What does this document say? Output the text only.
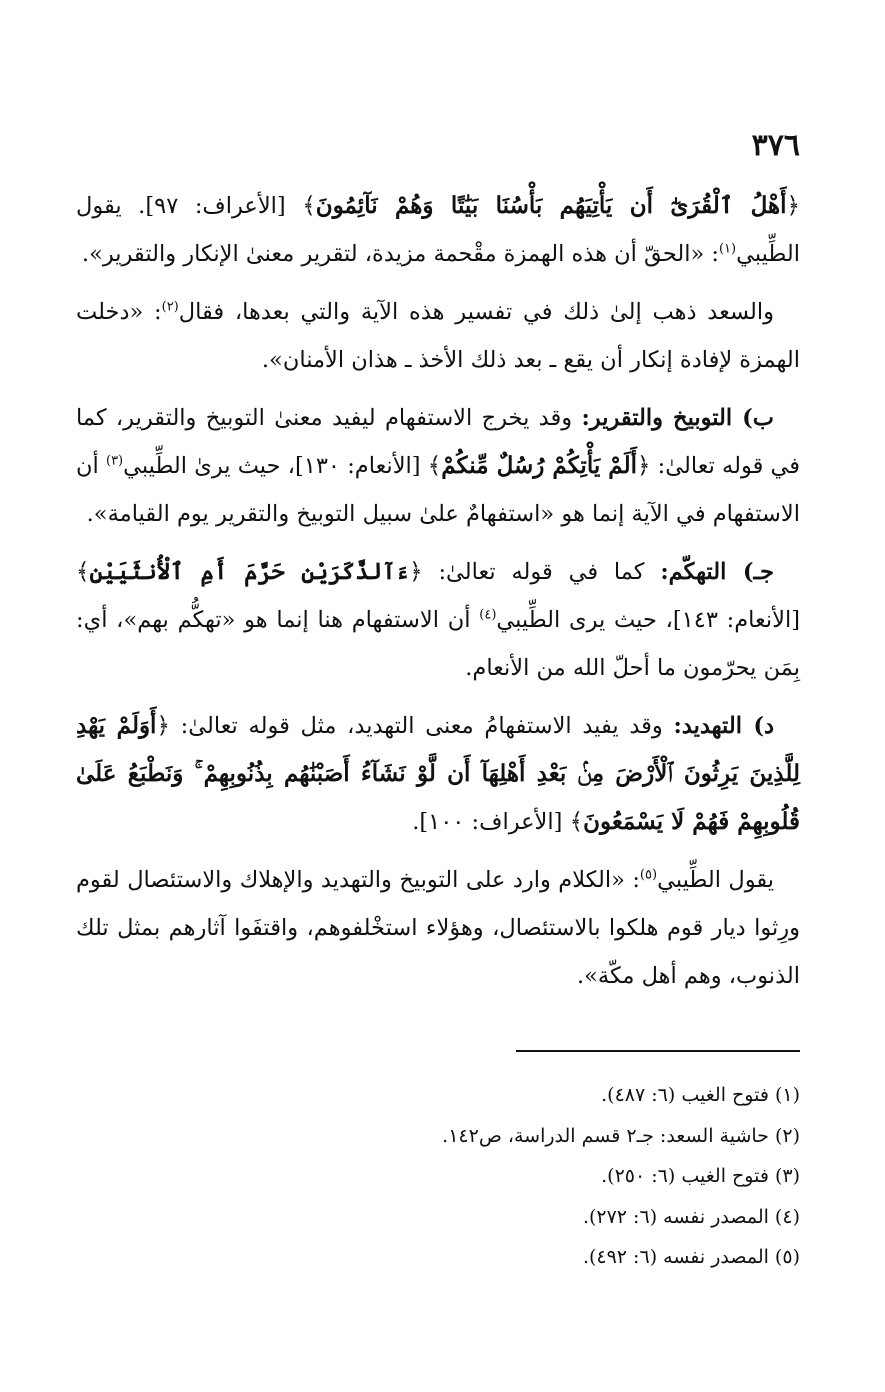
٣٧٦

﴿أَهْلُ ٱلْقُرَىٰٓ أَن يَأْتِيَهُم بَأْسُنَا بَيَٰتًا وَهُمْ نَآئِمُونَ﴾ [الأعراف: ٩٧]. يقول الطِّيبي$^{(١)}$: «الحقّ أن هذه الهمزة مقْحمة مزيدة، لتقرير معنىٰ الإنكار والتقرير».

والسعد ذهب إلىٰ ذلك في تفسير هذه الآية والتي بعدها، فقال$^{(٢)}$: «دخلت الهمزة لإفادة إنكار أن يقع ـ بعد ذلك الأخذ ـ هذان الأمنان».

ب) التوبيخ والتقرير: وقد يخرج الاستفهام ليفيد معنىٰ التوبيخ والتقرير، كما في قوله تعالىٰ: ﴿أَلَمْ يَأْتِكُمْ رُسُلٌ مِّنكُمْ﴾ [الأنعام: ١٣٠]، حيث يرىٰ الطِّيبي$^{(٣)}$ أن الاستفهام في الآية إنما هو «استفهامٌ علىٰ سبيل التوبيخ والتقرير يوم القيامة».

جـ) التهكّم: كما في قوله تعالىٰ: ﴿ءَآلذَّكَرَيْنِ حَرَّمَ أَمِ ٱلْأُنثَيَيْنِ﴾ [الأنعام: ١٤٣]، حيث يرى الطِّيبي$^{(٤)}$ أن الاستفهام هنا إنما هو «تهكُّم بهم»، أي: بِمَن يحرّمون ما أحلّ الله من الأنعام.

د) التهديد: وقد يفيد الاستفهامُ معنى التهديد، مثل قوله تعالىٰ: ﴿أَوَلَمْ يَهْدِ لِلَّذِينَ يَرِثُونَ ٱلْأَرْضَ مِنۢ بَعْدِ أَهْلِهَآ أَن لَّوْ نَشَآءُ أَصَبْنَٰهُم بِذُنُوبِهِمْ ۚ وَنَطْبَعُ عَلَىٰ قُلُوبِهِمْ فَهُمْ لَا يَسْمَعُونَ﴾ [الأعراف: ١٠٠].

يقول الطِّيبي$^{(٥)}$: «الكلام وارد على التوبيخ والتهديد والإهلاك والاستئصال لقوم ورِثوا ديار قوم هلكوا بالاستئصال، وهؤلاء استخْلفوهم، واقتفَوا آثارهم بمثل تلك الذنوب، وهم أهل مكّة».

(١) فتوح الغيب (٦: ٤٨٧).
(٢) حاشية السعد: جـ٢ قسم الدراسة، ص١٤٢.
(٣) فتوح الغيب (٦: ٢٥٠).
(٤) المصدر نفسه (٦: ٢٧٢).
(٥) المصدر نفسه (٦: ٤٩٢).
